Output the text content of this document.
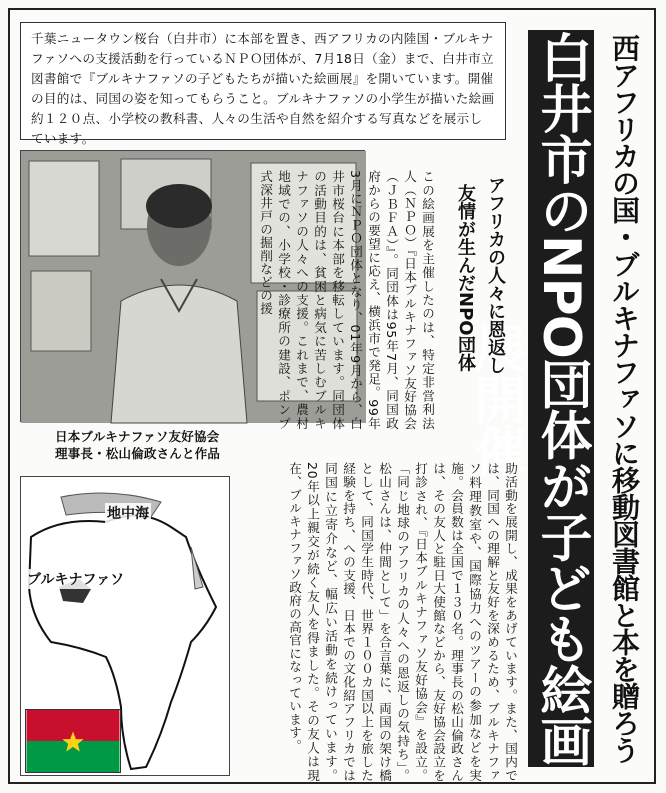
千葉ニュータウン桜台（白井市）に本部を置き、西アフリカの内陸国・ブルキナファソへの支援活動を行っているＮＰＯ団体が、7月18日（金）まで、白井市立図書館で『ブルキナファソの子どもたちが描いた絵画展』を開いています。開催の目的は、同国の姿を知ってもらうこと。ブルキナファソの小学生が描いた絵画約１２０点、小学校の教科書、人々の生活や自然を紹介する写真などを展示しています。	白井市のNPO団体が子ども絵画展開催	西アフリカの国・ブルキナファソに移動図書館と本を贈ろう
日本ブルキナファソ友好協会
理事長・松山倫政さんと作品
アフリカの人々に恩返し
友情が生んだNPO団体
この絵画展を主催したのは、特定非営利法人（ＮＰＯ）『日本ブルキナファソ友好協会（ＪＢＦＡ）』。同団体は95年7月、同国政府からの要望に応え、横浜市で発足。99年3月にＮＰＯ団体となり、01年9月から、白井市桜台に本部を移転しています。同団体の活動目的は、貧困と病気に苦しむブルキナファソの人々への支援。これまで、農村地域での、小学校・診療所の建設、ポンプ式深井戸の掘削などの援
助活動を展開し、成果をあげています。また、国内では、同国への理解と友好を深めるため、ブルキナファソ料理教室や、国際協力へのツアーの参加などを実施。会員数は全国で１３０名。理事長の松山倫政さんは、その友人と駐日大使館などから、友好協会設立を打診され、『日本ブルキナファソ友好協会』を設立。「同じ地球のアフリカの人々への恩返しの気持ち」。松山さんは、仲間として」を合言葉に、両国の架け橋として、同国学生時代、世界１００カ国以上を旅した経験を持ち、への支援、日本での文化紹アフリカでは同国に立寄介など、幅広い活動を続けっています。20年以上親交が続く友人を得ました。その友人は現在、ブルキナファソ政府の高官になっています。
地中海
ブルキナファソ
